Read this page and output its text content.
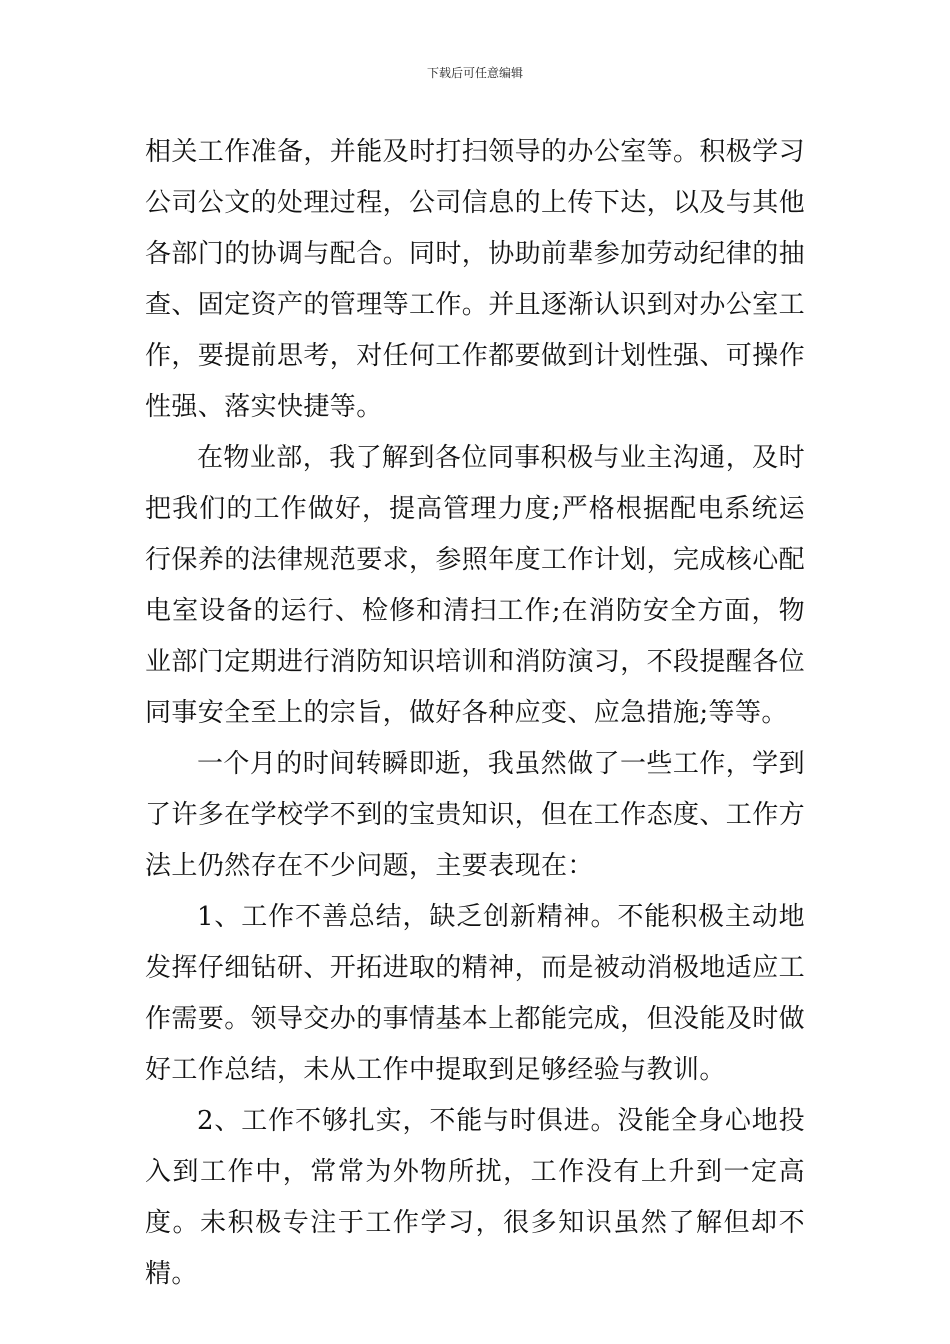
下载后可任意编辑

相关工作准备，并能及时打扫领导的办公室等。积极学习公司公文的处理过程，公司信息的上传下达，以及与其他各部门的协调与配合。同时，协助前辈参加劳动纪律的抽查、固定资产的管理等工作。并且逐渐认识到对办公室工作，要提前思考，对任何工作都要做到计划性强、可操作性强、落实快捷等。

在物业部，我了解到各位同事积极与业主沟通，及时把我们的工作做好，提高管理力度;严格根据配电系统运行保养的法律规范要求，参照年度工作计划，完成核心配电室设备的运行、检修和清扫工作;在消防安全方面，物业部门定期进行消防知识培训和消防演习，不段提醒各位同事安全至上的宗旨，做好各种应变、应急措施;等等。

一个月的时间转瞬即逝，我虽然做了一些工作，学到了许多在学校学不到的宝贵知识，但在工作态度、工作方法上仍然存在不少问题，主要表现在：

1、工作不善总结，缺乏创新精神。不能积极主动地发挥仔细钻研、开拓进取的精神，而是被动消极地适应工作需要。领导交办的事情基本上都能完成，但没能及时做好工作总结，未从工作中提取到足够经验与教训。

2、工作不够扎实，不能与时俱进。没能全身心地投入到工作中，常常为外物所扰，工作没有上升到一定高度。未积极专注于工作学习，很多知识虽然了解但却不精。
